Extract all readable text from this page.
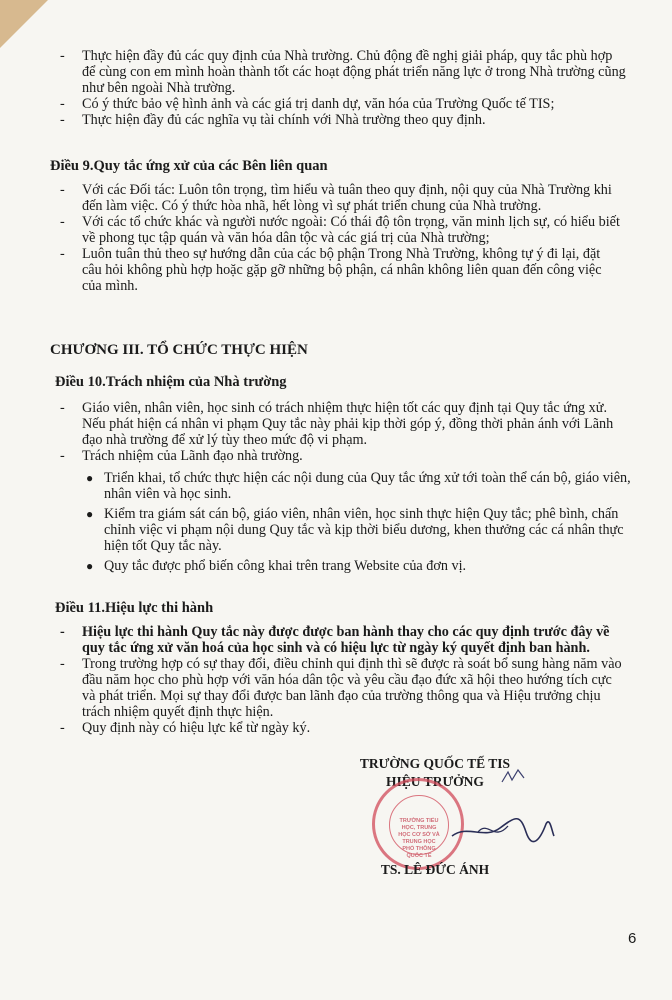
- Thực hiện đầy đủ các quy định của Nhà trường. Chủ động đề nghị giải pháp, quy tắc phù hợp
để cùng con em mình hoàn thành tốt các hoạt động phát triển năng lực ở trong Nhà trường cũng
như bên ngoài Nhà trường.
- Có ý thức bảo vệ hình ảnh và các giá trị danh dự, văn hóa của Trường Quốc tế TIS;
- Thực hiện đầy đủ các nghĩa vụ tài chính với Nhà trường theo quy định.
Điều 9.Quy tắc ứng xử của các Bên liên quan
- Với các Đối tác: Luôn tôn trọng, tìm hiểu và tuân theo quy định, nội quy của Nhà Trường khi
đến làm việc. Có ý thức hòa nhã, hết lòng vì sự phát triển chung của Nhà trường.
- Với các tổ chức khác và người nước ngoài: Có thái độ tôn trọng, văn minh lịch sự, có hiểu biết
về phong tục tập quán và văn hóa dân tộc và các giá trị của Nhà trường;
- Luôn tuân thủ theo sự hướng dẫn của các bộ phận Trong Nhà Trường, không tự ý đi lại, đặt
câu hỏi không phù hợp hoặc gặp gỡ những bộ phận, cá nhân không liên quan đến công việc
của mình.
CHƯƠNG III. TỔ CHỨC THỰC HIỆN
Điều 10.Trách nhiệm của Nhà trường
- Giáo viên, nhân viên, học sinh có trách nhiệm thực hiện tốt các quy định tại Quy tắc ứng xử.
Nếu phát hiện cá nhân vi phạm Quy tắc này phải kịp thời góp ý, đồng thời phản ánh với Lãnh
đạo nhà trường để xử lý tùy theo mức độ vi phạm.
- Trách nhiệm của Lãnh đạo nhà trường.
● Triển khai, tổ chức thực hiện các nội dung của Quy tắc ứng xử tới toàn thể cán bộ, giáo viên,
nhân viên và học sinh.
● Kiểm tra giám sát cán bộ, giáo viên, nhân viên, học sinh thực hiện Quy tắc; phê bình, chấn
chỉnh việc vi phạm nội dung Quy tắc và kịp thời biểu dương, khen thưởng các cá nhân thực
hiện tốt Quy tắc này.
● Quy tắc được phổ biến công khai trên trang Website của đơn vị.
Điều 11.Hiệu lực thi hành
- Hiệu lực thi hành Quy tắc này được được ban hành thay cho các quy định trước đây về
quy tắc ứng xử văn hoá của học sinh và có hiệu lực từ ngày ký quyết định ban hành.
- Trong trường hợp có sự thay đổi, điều chỉnh qui định thì sẽ được rà soát bổ sung hàng năm vào
đầu năm học cho phù hợp với văn hóa dân tộc và yêu cầu đạo đức xã hội theo hướng tích cực
và phát triển. Mọi sự thay đổi được ban lãnh đạo của trường thông qua và Hiệu trưởng chịu
trách nhiệm quyết định thực hiện.
- Quy định này có hiệu lực kể từ ngày ký.
TRƯỜNG QUỐC TẾ TIS
HIỆU TRƯỞNG
TRƯỜNG TIỂU HỌC, TRUNG HỌC CƠ SỞ VÀ TRUNG HỌC PHỔ THÔNG QUỐC TẾ
TS. LÊ ĐỨC ÁNH
6
